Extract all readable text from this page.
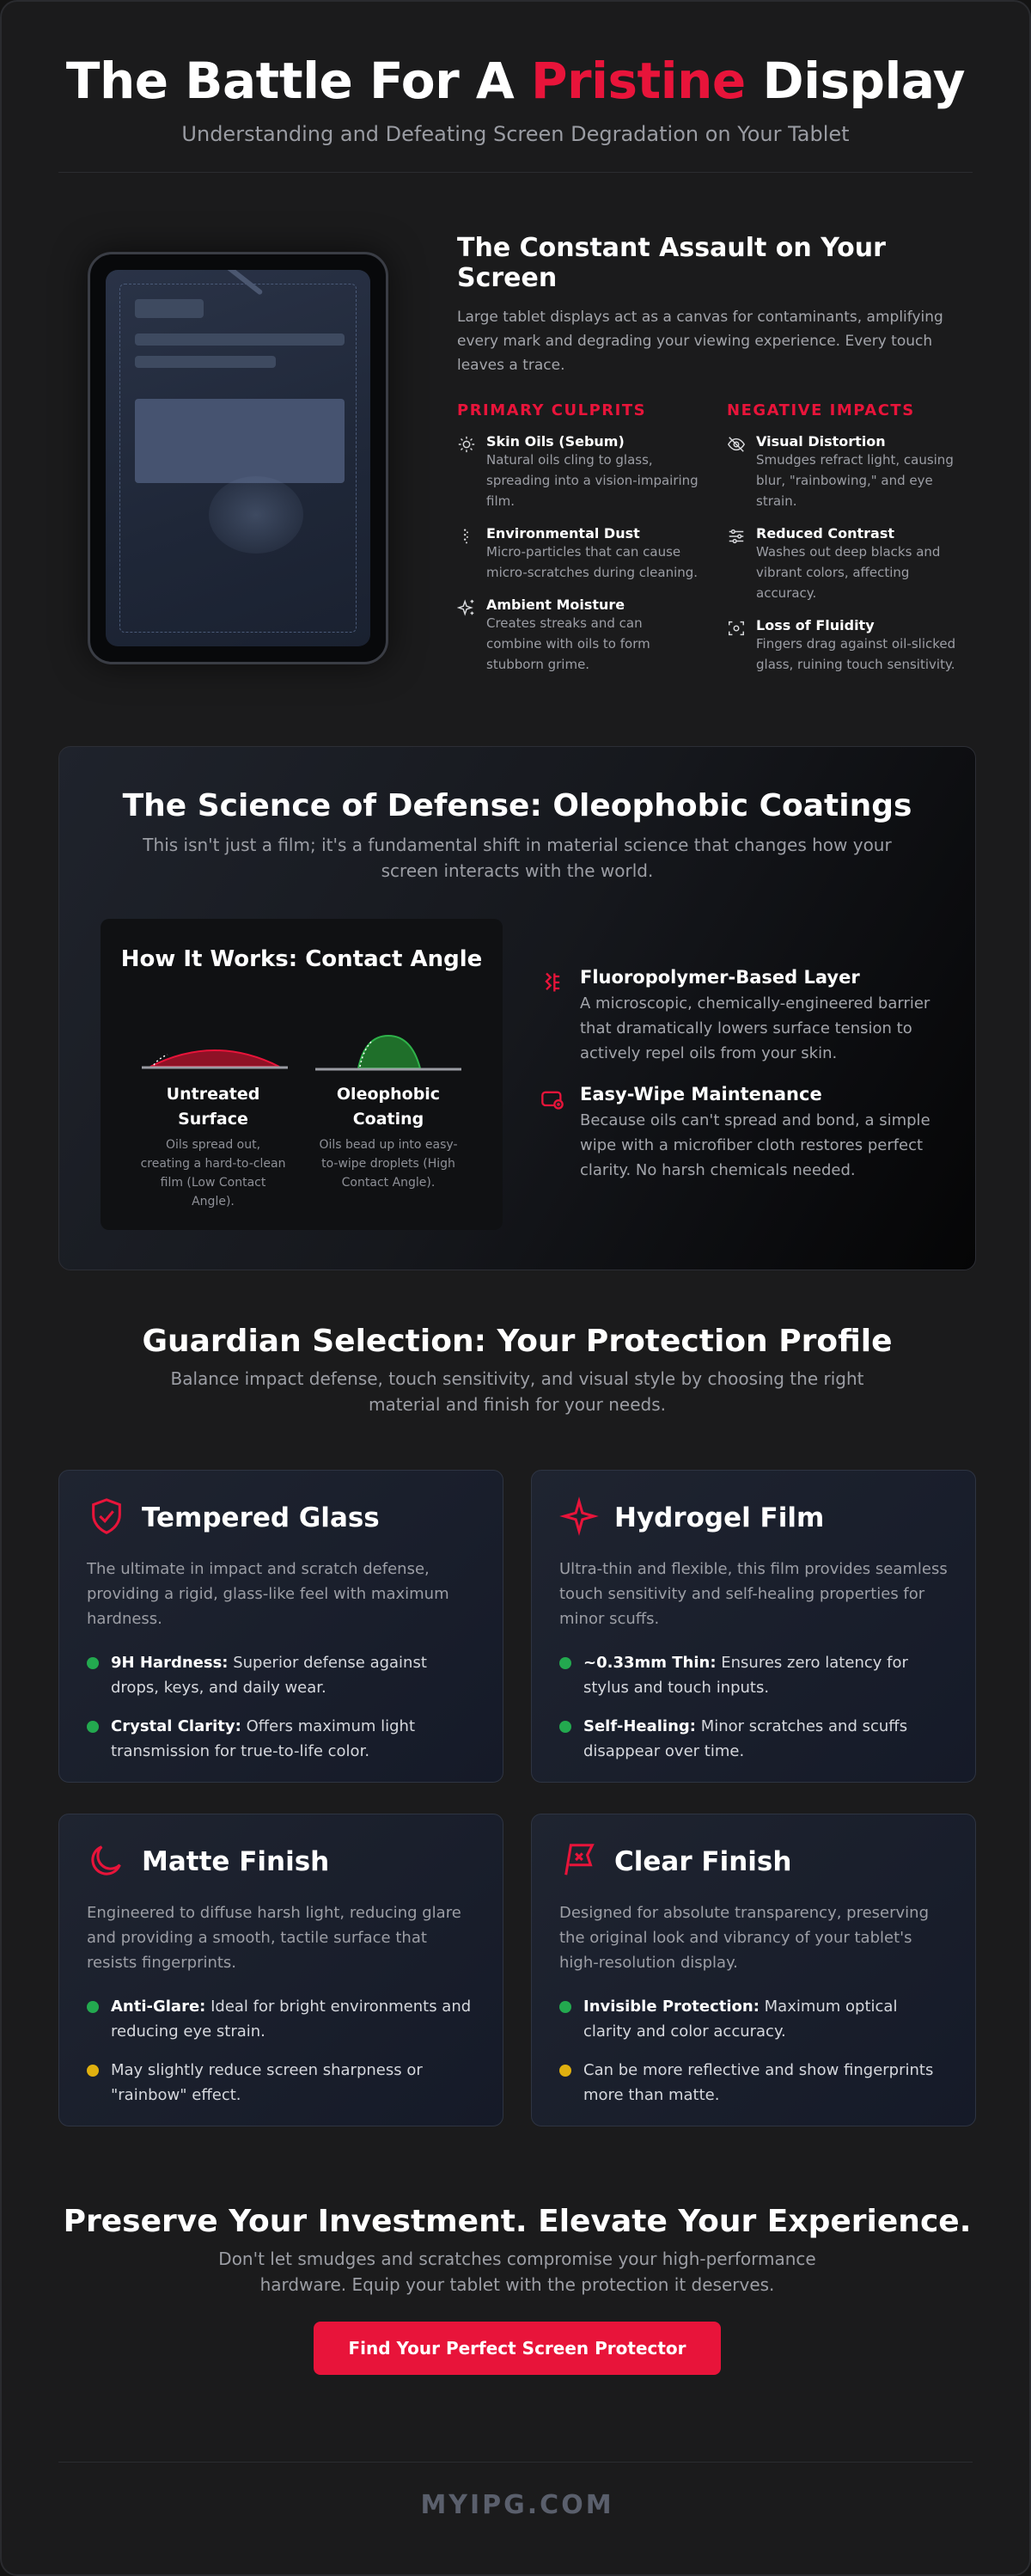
The Battle For A Pristine Display
Understanding and Defeating Screen Degradation on Your Tablet
The Constant Assault on Your Screen
Large tablet displays act as a canvas for contaminants, amplifying every mark and degrading your viewing experience. Every touch leaves a trace.
PRIMARY CULPRITS
Skin Oils (Sebum)
Natural oils cling to glass, spreading into a vision-impairing film.
Environmental Dust
Micro-particles that can cause micro-scratches during cleaning.
Ambient Moisture
Creates streaks and can combine with oils to form stubborn grime.
NEGATIVE IMPACTS
Visual Distortion
Smudges refract light, causing blur, "rainbowing," and eye strain.
Reduced Contrast
Washes out deep blacks and vibrant colors, affecting accuracy.
Loss of Fluidity
Fingers drag against oil-slicked glass, ruining touch sensitivity.
The Science of Defense: Oleophobic Coatings
This isn't just a film; it's a fundamental shift in material science that changes how your screen interacts with the world.
How It Works: Contact Angle
Untreated Surface
Oils spread out, creating a hard-to-clean film (Low Contact Angle).
Oleophobic Coating
Oils bead up into easy-to-wipe droplets (High Contact Angle).
Fluoropolymer-Based Layer
A microscopic, chemically-engineered barrier that dramatically lowers surface tension to actively repel oils from your skin.
Easy-Wipe Maintenance
Because oils can't spread and bond, a simple wipe with a microfiber cloth restores perfect clarity. No harsh chemicals needed.
Guardian Selection: Your Protection Profile
Balance impact defense, touch sensitivity, and visual style by choosing the right material and finish for your needs.
Tempered Glass
The ultimate in impact and scratch defense, providing a rigid, glass-like feel with maximum hardness.
9H Hardness: Superior defense against drops, keys, and daily wear.
Crystal Clarity: Offers maximum light transmission for true-to-life color.
Hydrogel Film
Ultra-thin and flexible, this film provides seamless touch sensitivity and self-healing properties for minor scuffs.
~0.33mm Thin: Ensures zero latency for stylus and touch inputs.
Self-Healing: Minor scratches and scuffs disappear over time.
Matte Finish
Engineered to diffuse harsh light, reducing glare and providing a smooth, tactile surface that resists fingerprints.
Anti-Glare: Ideal for bright environments and reducing eye strain.
May slightly reduce screen sharpness or "rainbow" effect.
Clear Finish
Designed for absolute transparency, preserving the original look and vibrancy of your tablet's high-resolution display.
Invisible Protection: Maximum optical clarity and color accuracy.
Can be more reflective and show fingerprints more than matte.
Preserve Your Investment. Elevate Your Experience.
Don't let smudges and scratches compromise your high-performance hardware. Equip your tablet with the protection it deserves.
Find Your Perfect Screen Protector
MYIPG.COM
